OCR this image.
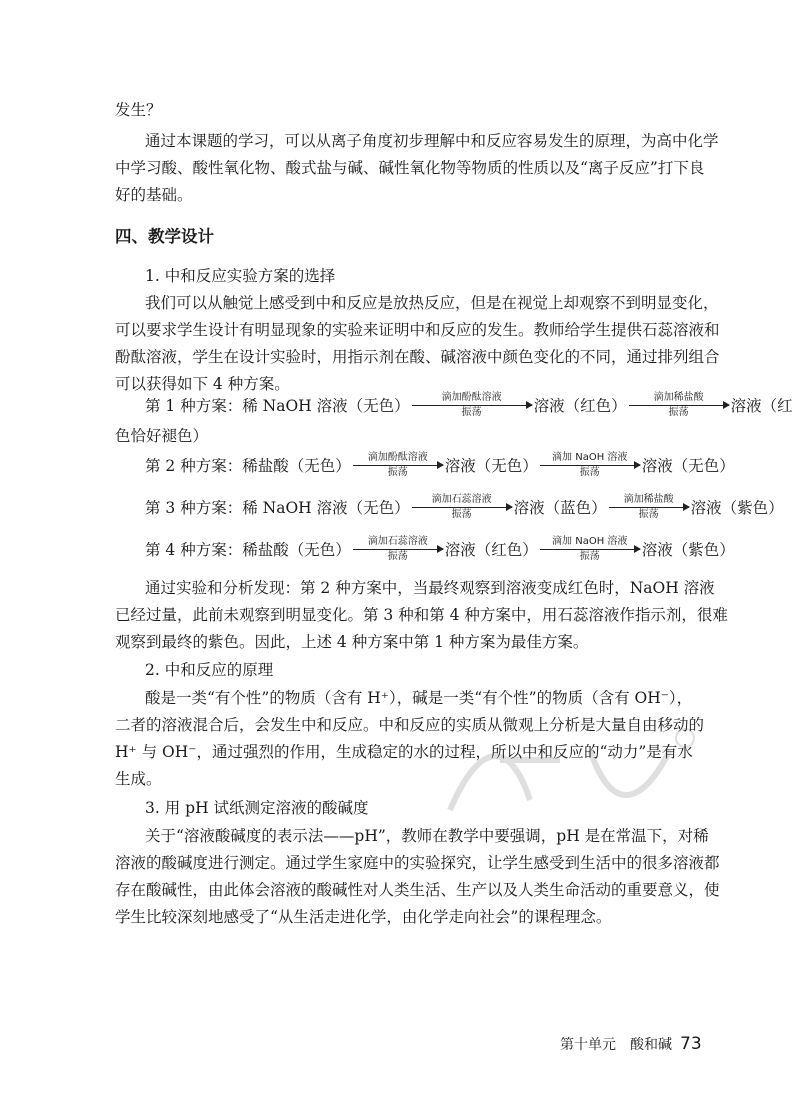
发生？
通过本课题的学习，可以从离子角度初步理解中和反应容易发生的原理，为高中化学
中学习酸、酸性氧化物、酸式盐与碱、碱性氧化物等物质的性质以及“离子反应”打下良
好的基础。
四、教学设计
1. 中和反应实验方案的选择
我们可以从触觉上感受到中和反应是放热反应，但是在视觉上却观察不到明显变化，
可以要求学生设计有明显现象的实验来证明中和反应的发生。教师给学生提供石蕊溶液和
酚酞溶液，学生在设计实验时，用指示剂在酸、碱溶液中颜色变化的不同，通过排列组合
可以获得如下 4 种方案。
第 1 种方案：稀 NaOH 溶液（无色）	滴加酚酞溶液
振荡	溶液（红色）	滴加稀盐酸
振荡	溶液（红
色恰好褪色）
第 2 种方案：稀盐酸（无色） 滴加酚酞溶液
振荡 溶液（无色） 滴加 NaOH 溶液
振荡	溶液（无色）
第 3 种方案：稀 NaOH 溶液（无色） 滴加石蕊溶液
振荡	溶液（蓝色） 滴加稀盐酸
振荡 溶液（紫色）
第 4 种方案：稀盐酸（无色） 滴加石蕊溶液
振荡 溶液（红色） 滴加 NaOH 溶液
振荡	溶液（紫色）
通过实验和分析发现：第 2 种方案中，当最终观察到溶液变成红色时，NaOH 溶液
已经过量，此前未观察到明显变化。第 3 种和第 4 种方案中，用石蕊溶液作指示剂，很难
观察到最终的紫色。因此，上述 4 种方案中第 1 种方案为最佳方案。
2. 中和反应的原理
酸是一类“有个性”的物质（含有 H⁺），碱是一类“有个性”的物质（含有 OH⁻），
二者的溶液混合后，会发生中和反应。中和反应的实质从微观上分析是大量自由移动的
H⁺ 与 OH⁻，通过强烈的作用，生成稳定的水的过程，所以中和反应的“动力”是有水
生成。
3. 用 pH 试纸测定溶液的酸碱度
关于“溶液酸碱度的表示法——pH”，教师在教学中要强调，pH 是在常温下，对稀
溶液的酸碱度进行测定。通过学生家庭中的实验探究，让学生感受到生活中的很多溶液都
存在酸碱性，由此体会溶液的酸碱性对人类生活、生产以及人类生命活动的重要意义，使
学生比较深刻地感受了“从生活走进化学，由化学走向社会”的课程理念。
第十单元　酸和碱 73
